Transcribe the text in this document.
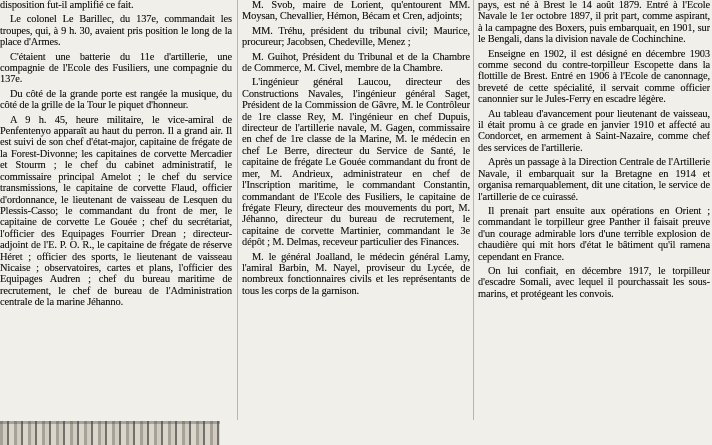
disposition fut-il amplifié ce fait.

Le colonel Le Barillec, du 137e, commandait les troupes, qui, à 9 h. 30, avaient pris position le long de la place d'Armes.

C'étaient une batterie du 11e d'artillerie, une compagnie de l'Ecole des Fusiliers, une compagnie du 137e.

Du côté de la grande porte est rangée la musique, du côté de la grille de la Tour le piquet d'honneur.

A 9 h. 45, heure militaire, le vice-amiral de Penfentenyo apparaît au haut du perron. Il a grand air. Il est suivi de son chef d'état-major, capitaine de frégate de la Forest-Divonne; les capitaines de corvette Mercadier et Stourm ; le chef du cabinet administratif, le commissaire principal Amelot ; le chef du service transmissions, le capitaine de corvette Flaud, officier d'ordonnance, le lieutenant de vaisseau de Lesquen du Plessis-Casso; le commandant du front de mer, le capitaine de corvette Le Gouée ; chef du secrétariat, l'officier des Equipages Fourrier Drean ; directeur-adjoint de l'E. P. O. R., le capitaine de frégate de réserve Héret ; officier des sports, le lieutenant de vaisseau Nicaise ; observatoires, cartes et plans, l'officier des Equipages Audren ; chef du bureau maritime de recrutement, le chef de bureau de l'Administration centrale de la marine Jéhanno.

M. Svob, maire de Lorient, qu'entourent MM. Moysan, Chevallier, Hémon, Bécam et Cren, adjoints;

MM. Tréhu, président du tribunal civil; Maurice, procureur; Jacobsen, Chedeville, Menez ;

M. Guihot, Président du Tribunal et de la Chambre de Commerce, M. Civel, membre de la Chambre.

L'ingénieur général Laucou, directeur des Constructions Navales, l'ingénieur général Saget, Président de la Commission de Gâvre, M. le Contrôleur de 1re classe Rey, M. l'ingénieur en chef Dupuis, directeur de l'artillerie navale, M. Gagen, commissaire en chef de 1re classe de la Marine, M. le médecin en chef Le Berre, directeur du Service de Santé, le capitaine de frégate Le Gouée commandant du front de mer, M. Andrieux, administrateur en chef de l'Inscription maritime, le commandant Constantin, commandant de l'Ecole des Fusiliers, le capitaine de frégate Fleury, directeur des mouvements du port, M. Jéhanno, directeur du bureau de recrutement, le capitaine de corvette Martinier, commandant le 3e dépôt ; M. Delmas, receveur particulier des Finances.

M. le général Joalland, le médecin général Lamy, l'amiral Barbin, M. Nayel, proviseur du Lycée, de nombreux fonctionnaires civils et les représentants de tous les corps de la garnison.

pays, est né à Brest le 14 août 1879. Entré à l'Ecole Navale le 1er octobre 1897, il prit part, comme aspirant, à la campagne des Boxers, puis embarquait, en 1901, sur le Bengali, dans la division navale de Cochinchine.

Enseigne en 1902, il est désigné en décembre 1903 comme second du contre-torpilleur Escopette dans la flottille de Brest. Entré en 1906 à l'Ecole de canonnage, breveté de cette spécialité, il servait comme officier canonnier sur le Jules-Ferry en escadre légère.

Au tableau d'avancement pour lieutenant de vaisseau, il était promu à ce grade en janvier 1910 et affecté au Condorcet, en armement à Saint-Nazaire, comme chef des services de l'artillerie.

Après un passage à la Direction Centrale de l'Artillerie Navale, il embarquait sur la Bretagne en 1914 et organisa remarquablement, dit une citation, le service de l'artillerie de ce cuirassé.

Il prenait part ensuite aux opérations en Orient ; commandant le torpilleur gree Panther il faisait preuve d'un courage admirable lors d'une terrible explosion de chaudière qui mit hors d'état le bâtiment qu'il ramena cependant en France.

On lui confiait, en décembre 1917, le torpilleur d'escadre Somali, avec lequel il pourchassait les sous-marins, et protégeant les convois.
